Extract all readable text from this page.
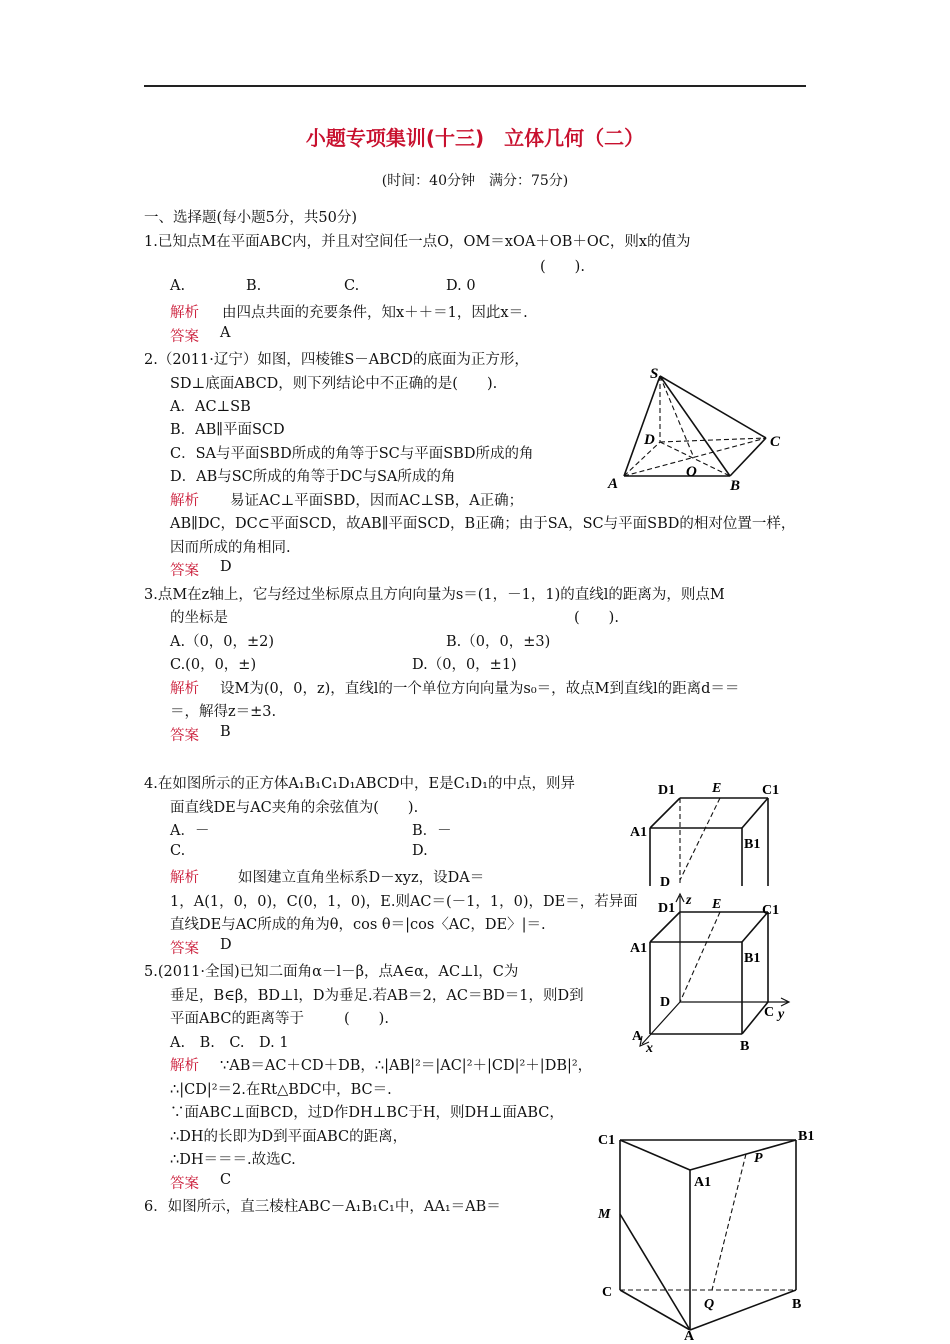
小题专项集训(十三)　立体几何（二）
(时间：40分钟　满分：75分)
一、选择题(每小题5分，共50分)
1.已知点M在平面ABC内，并且对空间任一点O，OM＝xOA＋OB＋OC，则x的值为
(　　).
A.	B.	C.	D. 0
解析 由四点共面的充要条件，知x＋＋＝1，因此x＝.
答案 A
2.（2011·辽宁）如图，四棱锥S－ABCD的底面为正方形，
SD⊥底面ABCD，则下列结论中不正确的是(　　).
A．AC⊥SB
B．AB∥平面SCD
C．SA与平面SBD所成的角等于SC与平面SBD所成的角
D．AB与SC所成的角等于DC与SA所成的角
解析 易证AC⊥平面SBD，因而AC⊥SB，A正确；
AB∥DC，DC⊂平面SCD，故AB∥平面SCD，B正确；由于SA，SC与平面SBD的相对位置一样，
因而所成的角相同.
答案 D
S
D	C
O
A	B
3.点M在z轴上，它与经过坐标原点且方向向量为s＝(1，－1，1)的直线l的距离为，则点M
的坐标是	(　　).
A.（0，0，±2)	B.（0，0，±3)
C.(0，0，±)	D.（0，0，±1)
解析 设M为(0，0，z)，直线l的一个单位方向向量为s₀＝，故点M到直线l的距离d＝＝
＝，解得z＝±3.
答案 B
4.在如图所示的正方体A₁B₁C₁D₁ABCD中，E是C₁D₁的中点，则异
面直线DE与AC夹角的余弦值为(　　).
A．－	B．－
C.	D.
解析	如图建立直角坐标系D－xyz，设DA＝
1，A(1，0，0)，C(0，1，0)，E.则AC＝(－1，1，0)，DE＝，若异面
直线DE与AC所成的角为θ，cos θ＝|cos〈AC，DE〉|＝.
答案 D
D1	E	C1
A1
B1
D
D1
z E	C1
A1
B1
D
C y
A
x	B
5.(2011·全国)已知二面角α－l－β，点A∈α，AC⊥l，C为
垂足，B∈β，BD⊥l，D为垂足.若AB＝2，AC＝BD＝1，则D到
平面ABC的距离等于	(　　).
A.　B.　C.　D. 1
解析 ∵AB＝AC＋CD＋DB，∴|AB|²＝|AC|²＋|CD|²＋|DB|²，
∴|CD|²＝2.在Rt△BDC中，BC＝.
∵面ABC⊥面BCD，过D作DH⊥BC于H，则DH⊥面ABC，
∴DH的长即为D到平面ABC的距离，
∴DH＝＝＝.故选C.
答案 C
6．如图所示，直三棱柱ABC－A₁B₁C₁中，AA₁＝AB＝
C1	B1
P
A1
M
C
Q	B
A
